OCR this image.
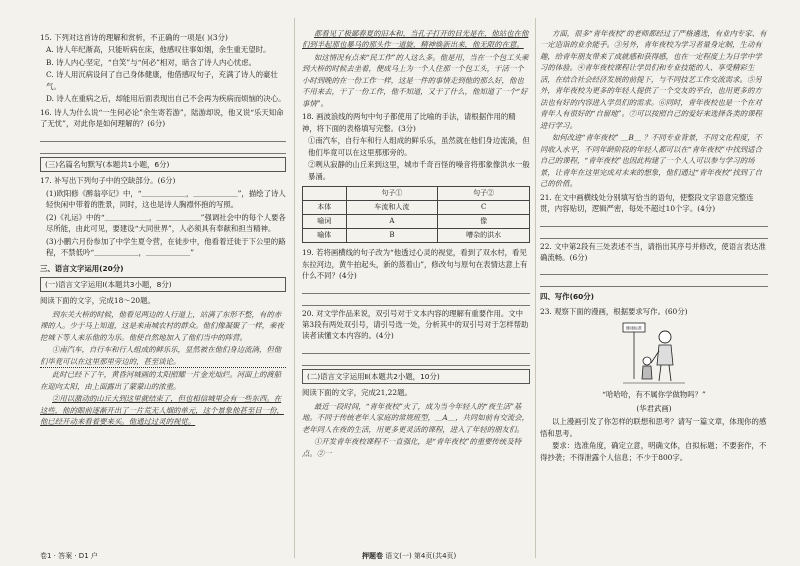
15. 下列对这首诗的理解和赏析，不正确的一项是( )(3分)

A. 诗人年纪渐高，只能听病在床，他感叹往事如烟，余生重无望时。

B. 诗人内心坚定，“自笑”与“何必”相对，暗含了诗人内心忧虑。

C. 诗人用沉病设问了自己身体健康，他借感叹句子，充满了诗人的豪壮气。

D. 诗人在重病之后，却能用后面表现出自己不会再为疾病而烦恼的决心。

16. 诗人为什么说“一生何必论”余生寄若游”，陆游却说，他又说“乐天知命了无忧”，对此你是如何理解的？(6分)

(三)名篇名句默写(本题共1小题，6分)

17. 补写出下列句子中的空缺部分。(6分)

(1)欧阳修《醉翁亭记》中，“＿＿＿＿＿＿，＿＿＿＿＿＿”，描绘了诗人轻快闲中带着的胜景，同时，这也是诗人胸襟怀抱的写照。

(2)《礼运》中的“＿＿＿＿＿＿，＿＿＿＿＿＿”强调社会中的每个人要各尽所能，由此可见，要建设“大同世界”，人必须具有奉献和担当精神。

(3)小鹏六月份参加了中学生夏令营，在徒步中，他看着迁徙于下公里的路程，不禁低吟“＿＿＿＿＿＿，＿＿＿＿＿＿”

三、语言文字运用(20分)

(一)语言文字运用Ⅰ(本题共3小题，8分)

阅读下面的文字，完成18～20题。

到东关大桥的时候，他看见两边的人行道上，站满了东形不整，有的赤裸的人。少于马上知道，这是来南城农村的群众。他们像凝聚了一样，乘夜挖城下等人来乐他的为乐。他使自然地加入了他们当中的阵营。

①南汽车，自行车和行人组成的鲜乐乐，显然被在他们身边流淌，但他们毕竟可以在这里那里旁边的，甚至谈论。

此时已经下了午，黄昏河城画的太阳照耀一片金光灿烂。河面上的渡船在迎向太阳，由上面露出了蒙蒙山的浓重。

②用以激动的山丘大到这里就结束了，但也相信城里会有一些东西。在这些，他的眼前逐渐开出了一片荒无人烟的单元，这个景象他甚至目一份，他已经开动来看着要来买。他通过过灵的视觉。

卷1 · 答案 · D1 户

都看见了极鄙春夏的旧本和，当孔子打开的目光是在，他站也在他们到半起那也暴马的那头作一道旋，精神焕新出来，他无限的在意。

如这情况有点来“民工作”的人这么多。他是用，当在一个包工头乘到大桥的时候去坐着，便成马上为一个人住那一个包工头，干活一个小时到晚的在一份工作一样，这是一件的事情走到他的那么好，他也不用来去，干了一份工作，他不知道，又干了什么，他知道了一个“好事情”。

18. 画波浪线的两句中句子都使用了比喻的手法，请根据作用的精神，将下面的表格填写完整。(3分)

①南汽车，自行车和行人组成的鲜乐乐，虽然就在他们身边流淌，但他们毕竟可以在这里那那旁的。

②咧从寂静的山丘来到这里，城市千奇百怪的噪音将那象像洪水一般暴涌。

	句子①	句子②
本体	车流和人流	C
喻词	A	像
喻体	B	嘈杂的洪水

19. 若将画横线的句子改为“他透过心灵的视觉，看到了双水村，看见东拉河边，黄牛拍起头，新的蒸着山”，修改句与原句在表情达意上有什么不同？(4分)

20. 对文学作品来说，双引号对于文本内容的理解有重要作用。文中第3段有两处双引号，请引号选一处，分析其中的双引号对于怎样帮助读者读懂文本内容的。(4分)

(二)语言文字运用Ⅱ(本题共2小题，10分)

阅读下面的文字，完成21,22题。

最近一段时间，“青年夜校”火了，成为当今年轻人的“夜生活”基地。不同于传统老年人家庭的常规班型，＿A＿，共同如前有交流会，老年同人在夜的生活，用更多更灵活的课程，进入了年轻的朋友们。

①开发青年夜校课程不一直强化，是“青年夜校”的重要传统及特点。②一

押题卷 语文(一) 第4页(共4页)

方面，很多“青年夜校”的老师都经过了严格遴选，有业内专家、有一定造诣的业余能手。③另外，青年夜校为学习者量身定制，生动有趣，给青年朋友带来了成就感和获得感，也在一定程度上为日学中学习的体验。④青年夜校课程让学员们和专业技能的人、享受精彩生活，在结合社会经济发展的前提下，与不同技艺工作交流需求。⑤另外，青年夜校为更多的年轻人提供了一个交友的平台，也用更多的方法也有好的内容进入学员们的需求。⑥同时，青年夜校也是一个在对青年人有很好的“自留地”。⑦可以按照自己的爱好来选择各类的课程进行学习。

如何改进“青年夜校” ＿B＿ ？不同专业背景，不同文化程度，不同收入水平，不同年龄阶段的年轻人都可以在“青年夜校”中找到适合自己的课程，“青年夜校”也因此构建了一个人人可以参与学习的场景，让青年在这里完成对未来的想象，他们通过“青年夜校”找到了自己的价值。

21. 在文中画横线处分别填写恰当的语句，使整段文字语意完整连贯，内容贴切，逻辑严密，每处不超过10个字。(4分)

22. 文中第2段有三处表述不当，请指出其序号并修改，使语言表达准确流畅。(6分)

四、写作(60分)

23. 观察下面的漫画，根据要求写作。(60分)

健康标准

“哈哈哈，有不属你学做物吗？”

(华君武画)

以上漫画引发了你怎样的联想和思考？请写一篇文章，体现你的感悟和思考。

要求：选准角度，确定立意，明确文体，自拟标题；不要套作，不得抄袭；不得泄露个人信息；不少于800字。
